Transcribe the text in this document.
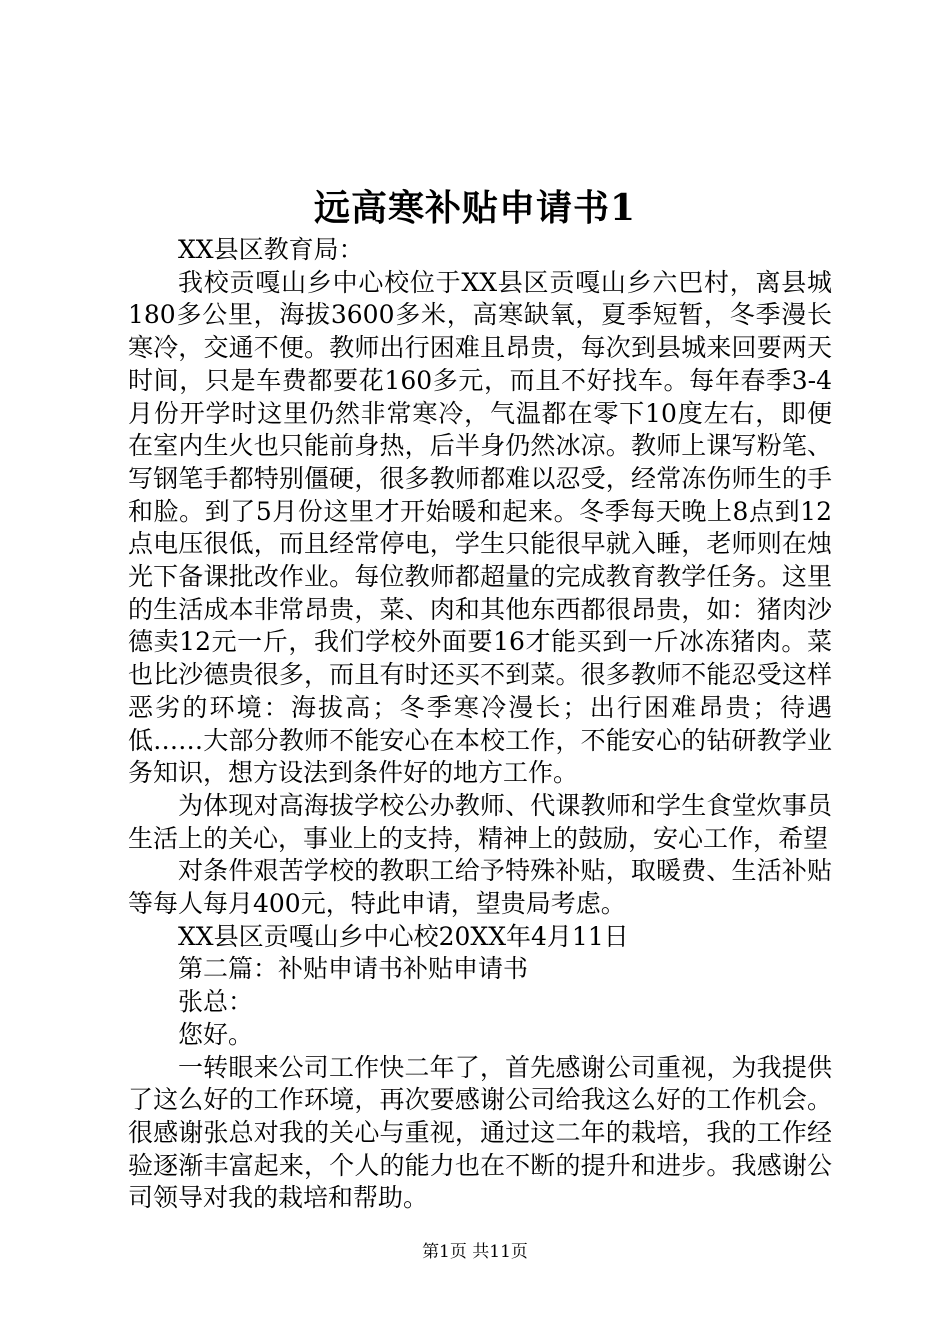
远高寒补贴申请书1

XX县区教育局：

我校贡嘎山乡中心校位于XX县区贡嘎山乡六巴村，离县城180多公里，海拔3600多米，高寒缺氧，夏季短暂，冬季漫长寒冷，交通不便。教师出行困难且昂贵，每次到县城来回要两天时间，只是车费都要花160多元，而且不好找车。每年春季3-4月份开学时这里仍然非常寒冷，气温都在零下10度左右，即便在室内生火也只能前身热，后半身仍然冰凉。教师上课写粉笔、写钢笔手都特别僵硬，很多教师都难以忍受，经常冻伤师生的手和脸。到了5月份这里才开始暖和起来。冬季每天晚上8点到12点电压很低，而且经常停电，学生只能很早就入睡，老师则在烛光下备课批改作业。每位教师都超量的完成教育教学任务。这里的生活成本非常昂贵，菜、肉和其他东西都很昂贵，如：猪肉沙德卖12元一斤，我们学校外面要16才能买到一斤冰冻猪肉。菜也比沙德贵很多，而且有时还买不到菜。很多教师不能忍受这样恶劣的环境：海拔高；冬季寒冷漫长；出行困难昂贵；待遇低……大部分教师不能安心在本校工作，不能安心的钻研教学业务知识，想方设法到条件好的地方工作。

为体现对高海拔学校公办教师、代课教师和学生食堂炊事员生活上的关心，事业上的支持，精神上的鼓励，安心工作，希望

对条件艰苦学校的教职工给予特殊补贴，取暖费、生活补贴等每人每月400元，特此申请，望贵局考虑。

XX县区贡嘎山乡中心校20XX年4月11日

第二篇：补贴申请书补贴申请书

张总：

您好。

一转眼来公司工作快二年了，首先感谢公司重视，为我提供了这么好的工作环境，再次要感谢公司给我这么好的工作机会。很感谢张总对我的关心与重视，通过这二年的栽培，我的工作经验逐渐丰富起来，个人的能力也在不断的提升和进步。我感谢公司领导对我的栽培和帮助。

第1页 共11页
